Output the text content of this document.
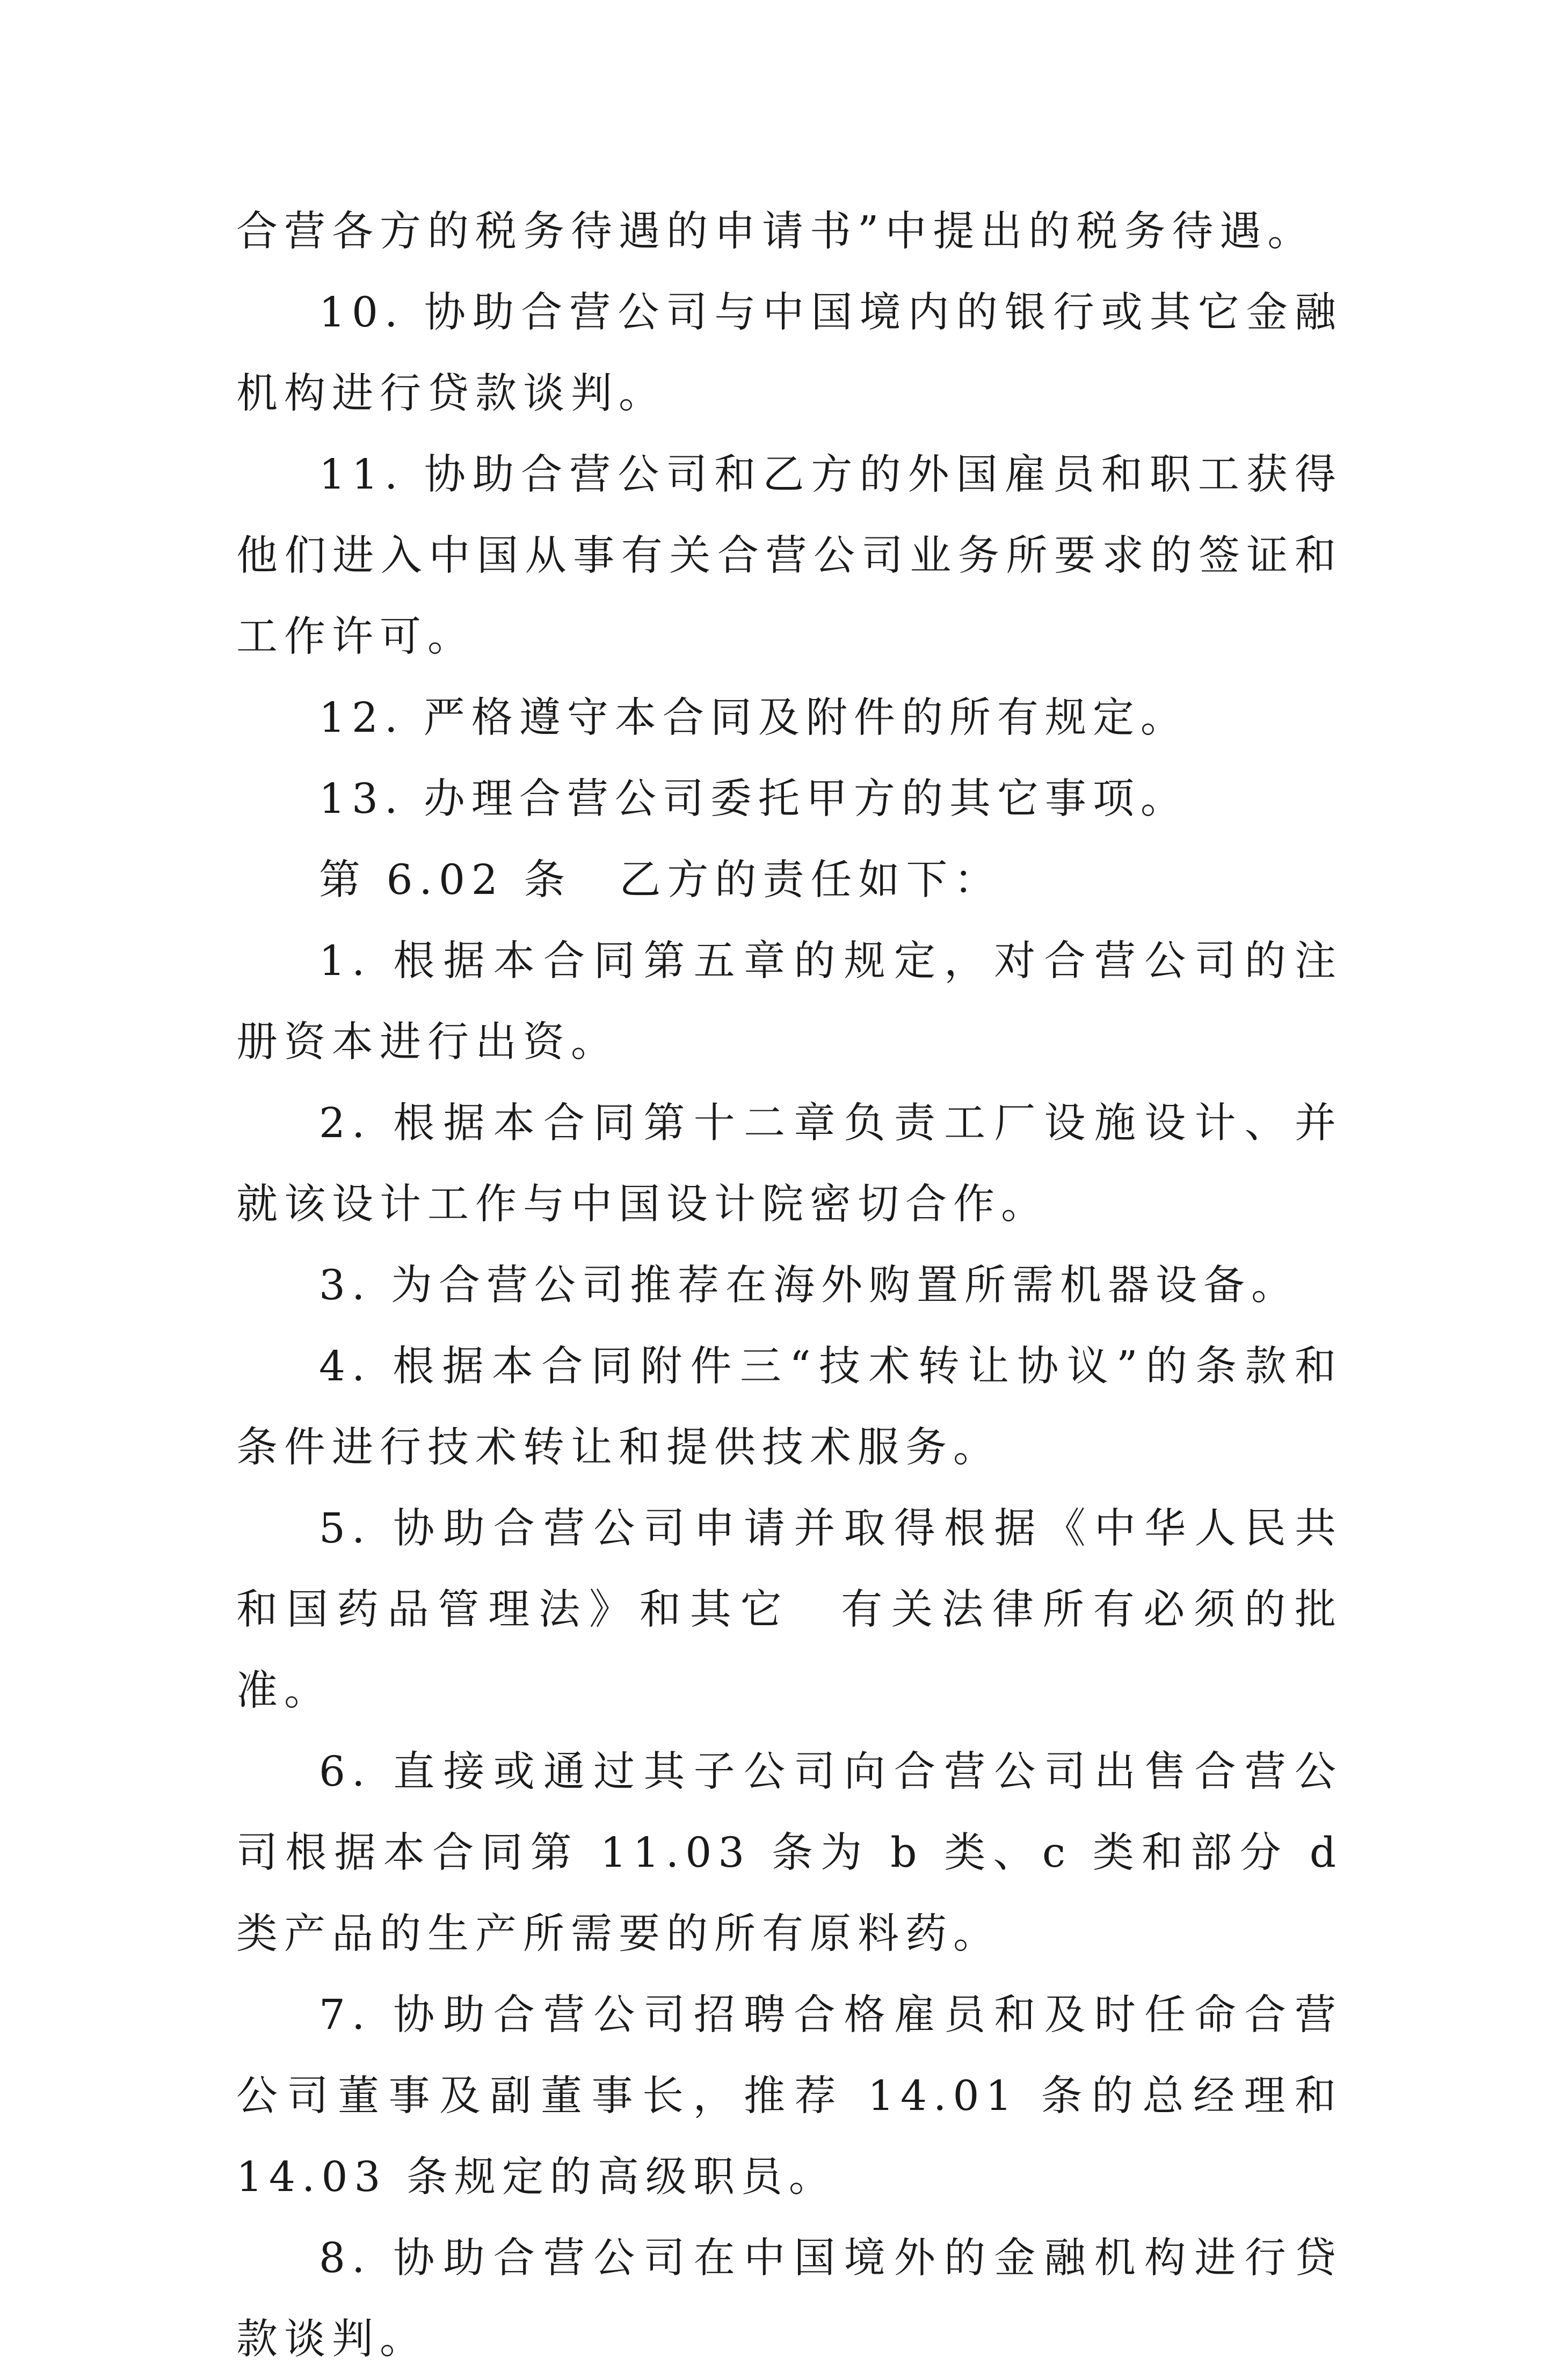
合营各方的税务待遇的申请书”中提出的税务待遇。

10. 协助合营公司与中国境内的银行或其它金融机构进行贷款谈判。

11. 协助合营公司和乙方的外国雇员和职工获得他们进入中国从事有关合营公司业务所要求的签证和工作许可。

12. 严格遵守本合同及附件的所有规定。

13. 办理合营公司委托甲方的其它事项。

第 6.02 条　乙方的责任如下：

1. 根据本合同第五章的规定，对合营公司的注册资本进行出资。

2. 根据本合同第十二章负责工厂设施设计、并就该设计工作与中国设计院密切合作。

3. 为合营公司推荐在海外购置所需机器设备。

4. 根据本合同附件三“技术转让协议”的条款和条件进行技术转让和提供技术服务。

5. 协助合营公司申请并取得根据《中华人民共和国药品管理法》和其它　有关法律所有必须的批准。

6. 直接或通过其子公司向合营公司出售合营公司根据本合同第 11.03 条为 b 类、c 类和部分 d 类产品的生产所需要的所有原料药。

7. 协助合营公司招聘合格雇员和及时任命合营公司董事及副董事长，推荐 14.01 条的总经理和 14.03 条规定的高级职员。

8. 协助合营公司在中国境外的金融机构进行贷款谈判。
